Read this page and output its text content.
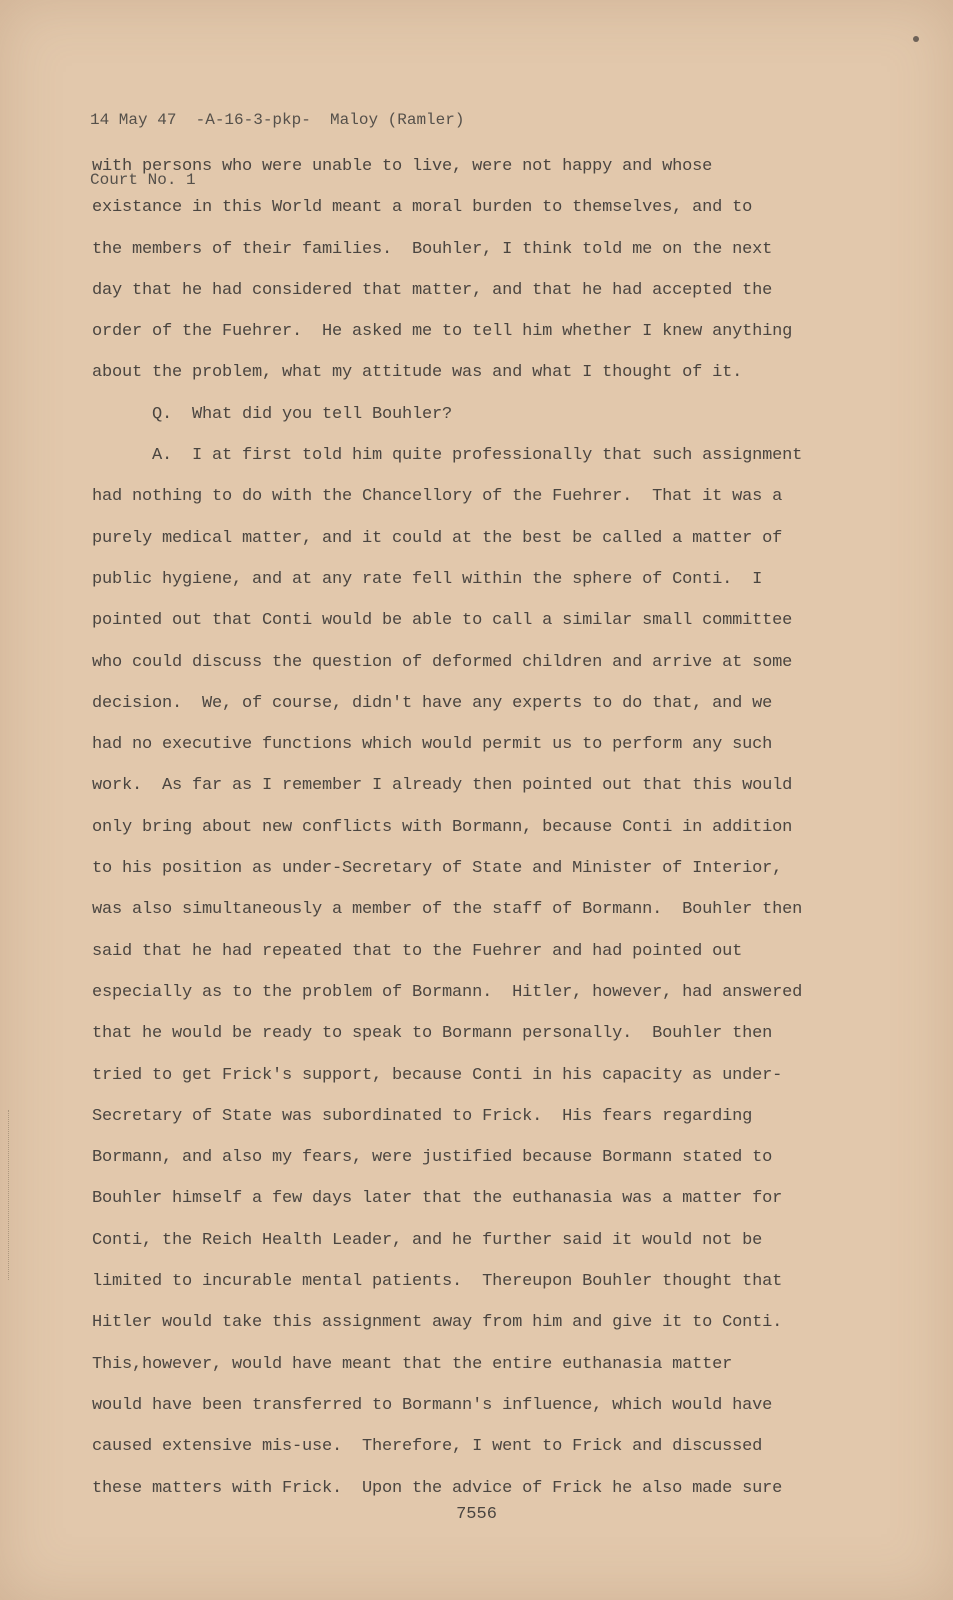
14 May 47  -A-16-3-pkp-  Maloy (Ramler)

Court No. 1

with persons who were unable to live, were not happy and whose
existance in this World meant a moral burden to themselves, and to
the members of their families.  Bouhler, I think told me on the next
day that he had considered that matter, and that he had accepted the
order of the Fuehrer.  He asked me to tell him whether I knew anything
about the problem, what my attitude was and what I thought of it.
Q.  What did you tell Bouhler?
A.  I at first told him quite professionally that such assignment
had nothing to do with the Chancellory of the Fuehrer.  That it was a
purely medical matter, and it could at the best be called a matter of
public hygiene, and at any rate fell within the sphere of Conti.  I
pointed out that Conti would be able to call a similar small committee
who could discuss the question of deformed children and arrive at some
decision.  We, of course, didn't have any experts to do that, and we
had no executive functions which would permit us to perform any such
work.  As far as I remember I already then pointed out that this would
only bring about new conflicts with Bormann, because Conti in addition
to his position as under-Secretary of State and Minister of Interior,
was also simultaneously a member of the staff of Bormann.  Bouhler then
said that he had repeated that to the Fuehrer and had pointed out
especially as to the problem of Bormann.  Hitler, however, had answered
that he would be ready to speak to Bormann personally.  Bouhler then
tried to get Frick's support, because Conti in his capacity as under-
Secretary of State was subordinated to Frick.  His fears regarding
Bormann, and also my fears, were justified because Bormann stated to
Bouhler himself a few days later that the euthanasia was a matter for
Conti, the Reich Health Leader, and he further said it would not be
limited to incurable mental patients.  Thereupon Bouhler thought that
Hitler would take this assignment away from him and give it to Conti.
This,however, would have meant that the entire euthanasia matter
would have been transferred to Bormann's influence, which would have
caused extensive mis-use.  Therefore, I went to Frick and discussed
these matters with Frick.  Upon the advice of Frick he also made sure
7556
